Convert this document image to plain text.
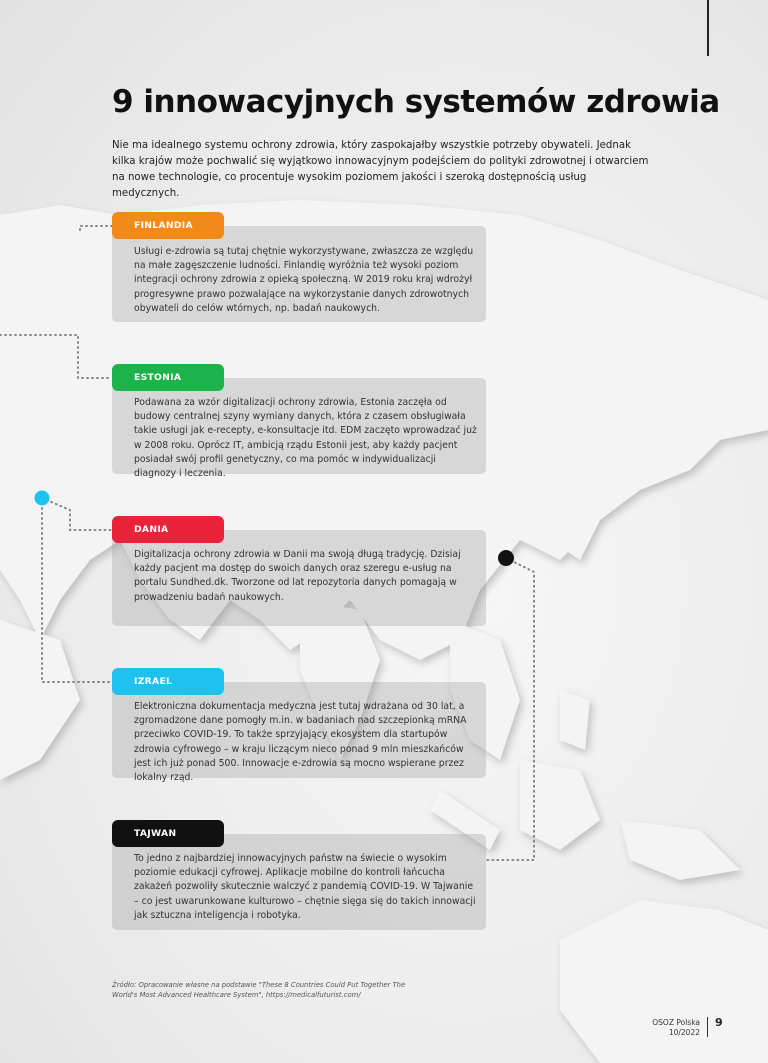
9 innowacyjnych systemów zdrowia

Nie ma idealnego systemu ochrony zdrowia, który zaspokajałby wszystkie potrzeby obywateli. Jednak kilka krajów może pochwalić się wyjątkowo innowacyjnym podejściem do polityki zdrowotnej i otwarciem na nowe technologie, co procentuje wysokim poziomem jakości i szeroką dostępnością usług medycznych.

FINLANDIA

Usługi e-zdrowia są tutaj chętnie wykorzystywane, zwłaszcza ze względu na małe zagęszczenie ludności. Finlandię wyróżnia też wysoki poziom integracji ochrony zdrowia z opieką społeczną. W 2019 roku kraj wdrożył progresywne prawo pozwalające na wykorzystanie danych zdrowotnych obywateli do celów wtórnych, np. badań naukowych.

ESTONIA

Podawana za wzór digitalizacji ochrony zdrowia, Estonia zaczęła od budowy centralnej szyny wymiany danych, która z czasem obsługiwała takie usługi jak e-recepty, e-konsultacje itd. EDM zaczęto wprowadzać już w 2008 roku. Oprócz IT, ambicją rządu Estonii jest, aby każdy pacjent posiadał swój profil genetyczny, co ma pomóc w indywidualizacji diagnozy i leczenia.

DANIA

Digitalizacja ochrony zdrowia w Danii ma swoją długą tradycję. Dzisiaj każdy pacjent ma dostęp do swoich danych oraz szeregu e-usług na portalu Sundhed.dk. Tworzone od lat repozytoria danych pomagają w prowadzeniu badań naukowych.

IZRAEL

Elektroniczna dokumentacja medyczna jest tutaj wdrażana od 30 lat, a zgromadzone dane pomogły m.in. w badaniach nad szczepionką mRNA przeciwko COVID-19. To także sprzyjający ekosystem dla startupów zdrowia cyfrowego – w kraju liczącym nieco ponad 9 mln mieszkańców jest ich już ponad 500. Innowacje e-zdrowia są mocno wspierane przez lokalny rząd.

TAJWAN

To jedno z najbardziej innowacyjnych państw na świecie o wysokim poziomie edukacji cyfrowej. Aplikacje mobilne do kontroli łańcucha zakażeń pozwoliły skutecznie walczyć z pandemią COVID-19. W Tajwanie – co jest uwarunkowane kulturowo – chętnie sięga się do takich innowacji jak sztuczna inteligencja i robotyka.

Źródło: Opracowanie własne na podstawie "These 8 Countries Could Put Together The World's Most Advanced Healthcare System", https://medicalfuturist.com/

OSOZ Polska
10/2022
9
